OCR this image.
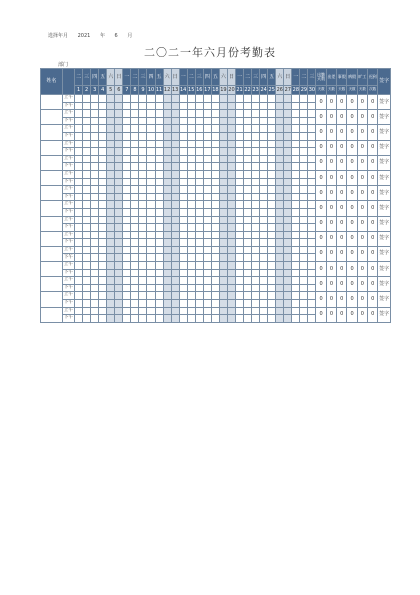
选择年月 2021 年 6 月
二〇二一年六月份考勤表
部门
姓名		二	三	四	五	六	日	一	二	三	四	五	六	日	一	二	三	四	五	六	日	一	二	三	四	五	六	日	一	二	三	出勤天数	出差	事假	病假	旷工	迟到	签字
		1	2	3	4	5	6	7	8	9	10	11	12	13	14	15	16	17	18	19	20	21	22	23	24	25	26	27	28	29	30	天数	天数	天数	天数	天数	次数	
	上午																															0	0	0	0	0	0	签字
	下午																																					
	上午																															0	0	0	0	0	0	签字
	下午																																					
	上午																															0	0	0	0	0	0	签字
	下午																																					
	上午																															0	0	0	0	0	0	签字
	下午																																					
	上午																															0	0	0	0	0	0	签字
	下午																																					
	上午																															0	0	0	0	0	0	签字
	下午																																					
	上午																															0	0	0	0	0	0	签字
	下午																																					
	上午																															0	0	0	0	0	0	签字
	下午																																					
	上午																															0	0	0	0	0	0	签字
	下午																																					
	上午																															0	0	0	0	0	0	签字
	下午																																					
	上午																															0	0	0	0	0	0	签字
	下午																																					
	上午																															0	0	0	0	0	0	签字
	下午																																					
	上午																															0	0	0	0	0	0	签字
	下午																																					
	上午																															0	0	0	0	0	0	签字
	下午																																					
	上午																															0	0	0	0	0	0	签字
	下午																																					
